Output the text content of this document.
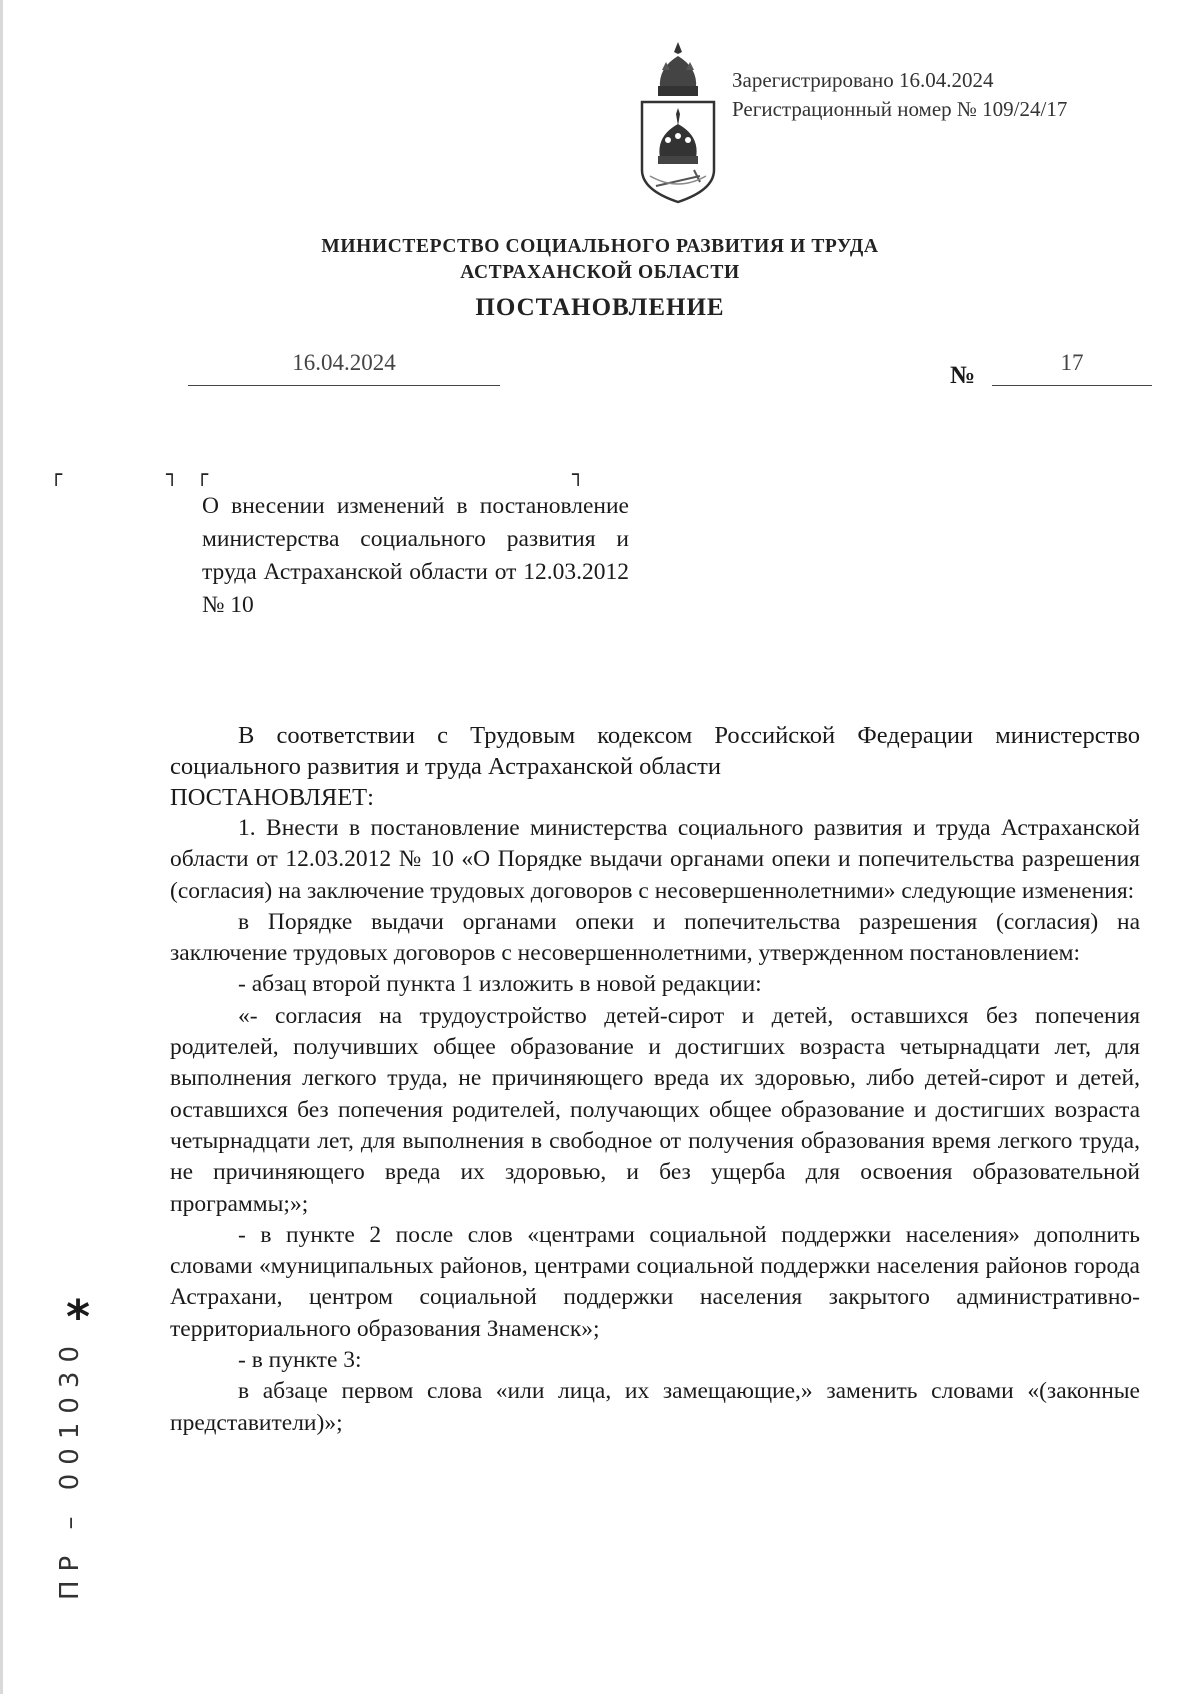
Зарегистрировано 16.04.2024
Регистрационный номер № 109/24/17
МИНИСТЕРСТВО СОЦИАЛЬНОГО РАЗВИТИЯ И ТРУДА
АСТРАХАНСКОЙ ОБЛАСТИ
ПОСТАНОВЛЕНИЕ
16.04.2024	№	17
┌	┐ ┌	┐
О внесении изменений в постановление министерства социального развития и труда Астраханской области от 12.03.2012 № 10

В соответствии с Трудовым кодексом Российской Федерации министерство социального развития и труда Астраханской области

ПОСТАНОВЛЯЕТ:

1. Внести в постановление министерства социального развития и труда Астраханской области от 12.03.2012 № 10 «О Порядке выдачи органами опеки и попечительства разрешения (согласия) на заключение трудовых договоров с несовершеннолетними» следующие изменения:

в Порядке выдачи органами опеки и попечительства разрешения (согласия) на заключение трудовых договоров с несовершеннолетними, утвержденном постановлением:

- абзац второй пункта 1 изложить в новой редакции:

«- согласия на трудоустройство детей-сирот и детей, оставшихся без попечения родителей, получивших общее образование и достигших возраста четырнадцати лет, для выполнения легкого труда, не причиняющего вреда их здоровью, либо детей-сирот и детей, оставшихся без попечения родителей, получающих общее образование и достигших возраста четырнадцати лет, для выполнения в свободное от получения образования время легкого труда, не причиняющего вреда их здоровью, и без ущерба для освоения образовательной программы;»;

- в пункте 2 после слов «центрами социальной поддержки населения» дополнить словами «муниципальных районов, центрами социальной поддержки населения районов города Астрахани, центром социальной поддержки населения закрытого административно-территориального образования Знаменск»;

- в пункте 3:

в абзаце первом слова «или лица, их замещающие,» заменить словами «(законные представители)»;

*
ПР – 001030
